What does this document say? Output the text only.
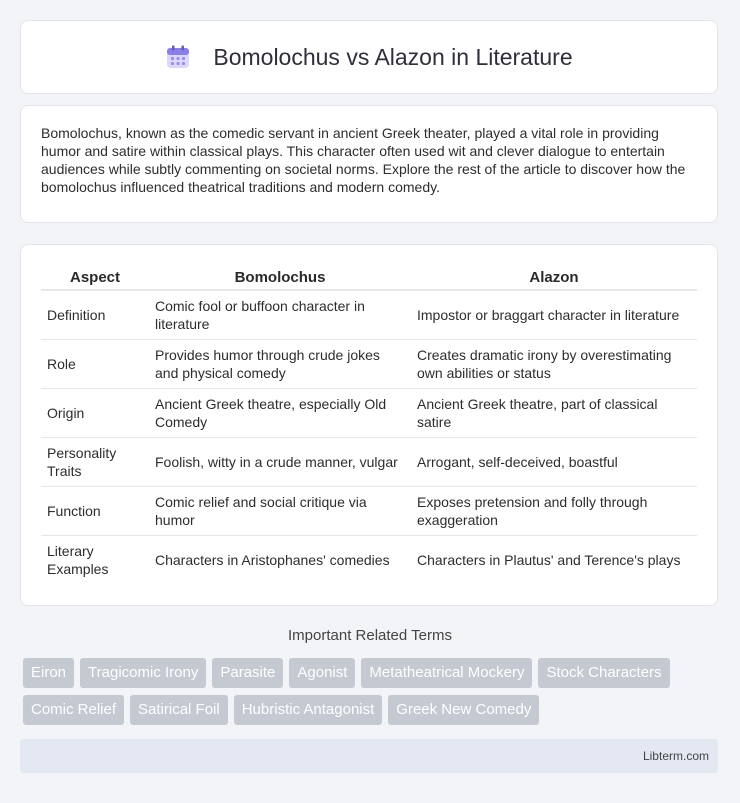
Bomolochus vs Alazon in Literature

Bomolochus, known as the comedic servant in ancient Greek theater, played a vital role in providing humor and satire within classical plays. This character often used wit and clever dialogue to entertain audiences while subtly commenting on societal norms. Explore the rest of the article to discover how the bomolochus influenced theatrical traditions and modern comedy.

Aspect	Bomolochus	Alazon
Definition	Comic fool or buffoon character in literature	Impostor or braggart character in literature
Role	Provides humor through crude jokes and physical comedy	Creates dramatic irony by overestimating own abilities or status
Origin	Ancient Greek theatre, especially Old Comedy	Ancient Greek theatre, part of classical satire
Personality Traits	Foolish, witty in a crude manner, vulgar	Arrogant, self-deceived, boastful
Function	Comic relief and social critique via humor	Exposes pretension and folly through exaggeration
Literary Examples	Characters in Aristophanes' comedies	Characters in Plautus' and Terence's plays
Important Related Terms
Eiron	Tragicomic Irony	Parasite	Agonist	Metatheatrical Mockery	Stock Characters
Comic Relief	Satirical Foil	Hubristic Antagonist	Greek New Comedy
Libterm.com
